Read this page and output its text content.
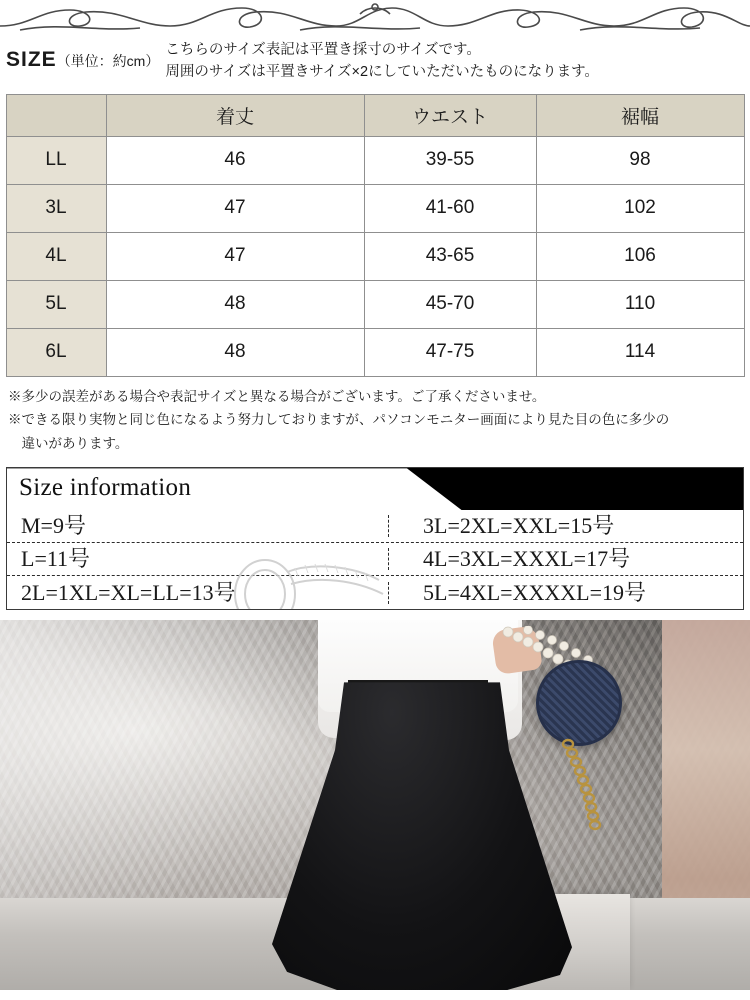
SIZE（単位：約cm）
こちらのサイズ表記は平置き採寸のサイズです。
周囲のサイズは平置きサイズ×2にしていただいたものになります。
	着丈	ウエスト	裾幅
LL	46	39-55	98
3L	47	41-60	102
4L	47	43-65	106
5L	48	45-70	110
6L	48	47-75	114

※多少の誤差がある場合や表記サイズと異なる場合がございます。ご了承くださいませ。

※できる限り実物と同じ色になるよう努力しておりますが、パソコンモニター画面により見た目の色に多少の

　違いがあります。

Size information
M=9号	3L=2XL=XXL=15号
L=11号	4L=3XL=XXXL=17号
2L=1XL=XL=LL=13号	5L=4XL=XXXXL=19号
